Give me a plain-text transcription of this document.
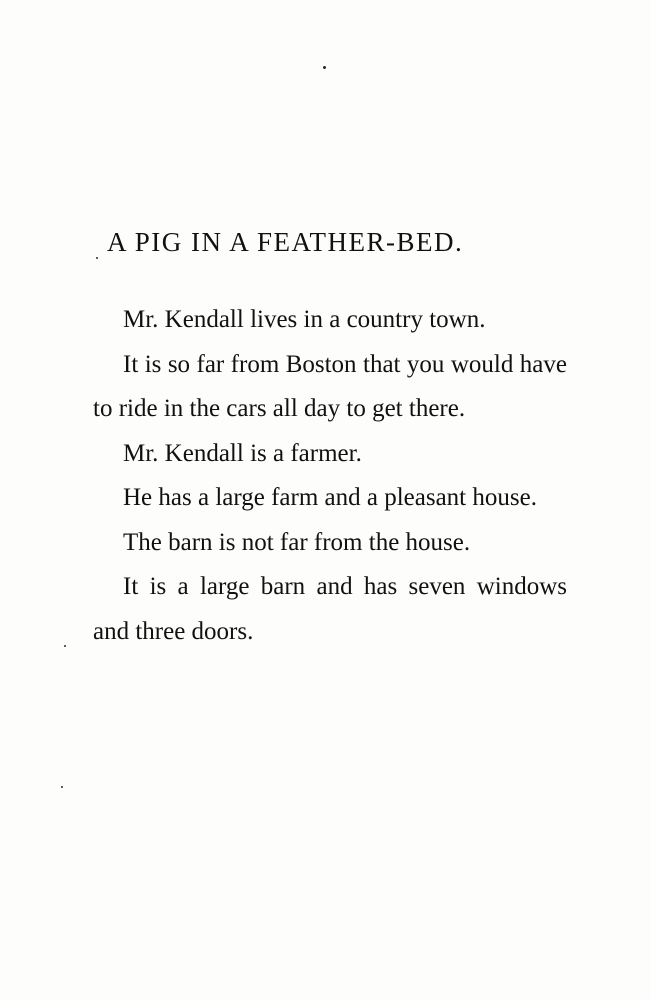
A PIG IN A FEATHER-BED.

Mr. Kendall lives in a country town.

It is so far from Boston that you would have to ride in the cars all day to get there.

Mr. Kendall is a farmer.

He has a large farm and a pleasant house.

The barn is not far from the house.

It is a large barn and has seven windows and three doors.
